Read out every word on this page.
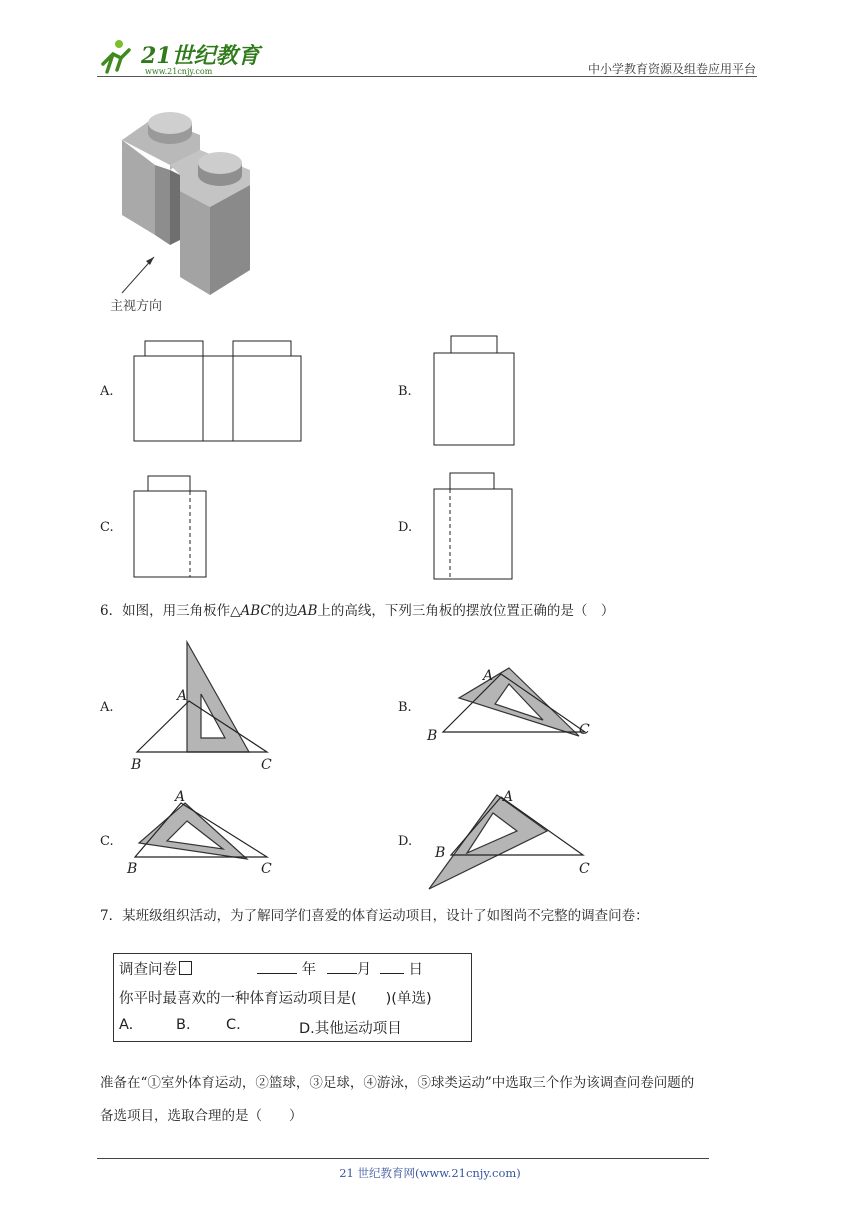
21世纪教育
www.21cnjy.com	中小学教育资源及组卷应用平台
主视方向
A.	B.
C.	D.
6．如图，用三角板作△ABC的边AB上的高线，下列三角板的摆放位置正确的是（　）
A.
A
B	C
B.
A
B	C
C.
A
B	C
D.
A
B
C
7．某班级组织活动，为了解同学们喜爱的体育运动项目，设计了如图尚不完整的调查问卷：
调查问卷	年	月	日
你平时最喜欢的一种体育运动项目是(　　)(单选)
A.	B. C.	D.其他运动项目
准备在“①室外体育运动，②篮球，③足球，④游泳，⑤球类运动”中选取三个作为该调查问卷问题的
备选项目，选取合理的是（　　）
21 世纪教育网(www.21cnjy.com)
